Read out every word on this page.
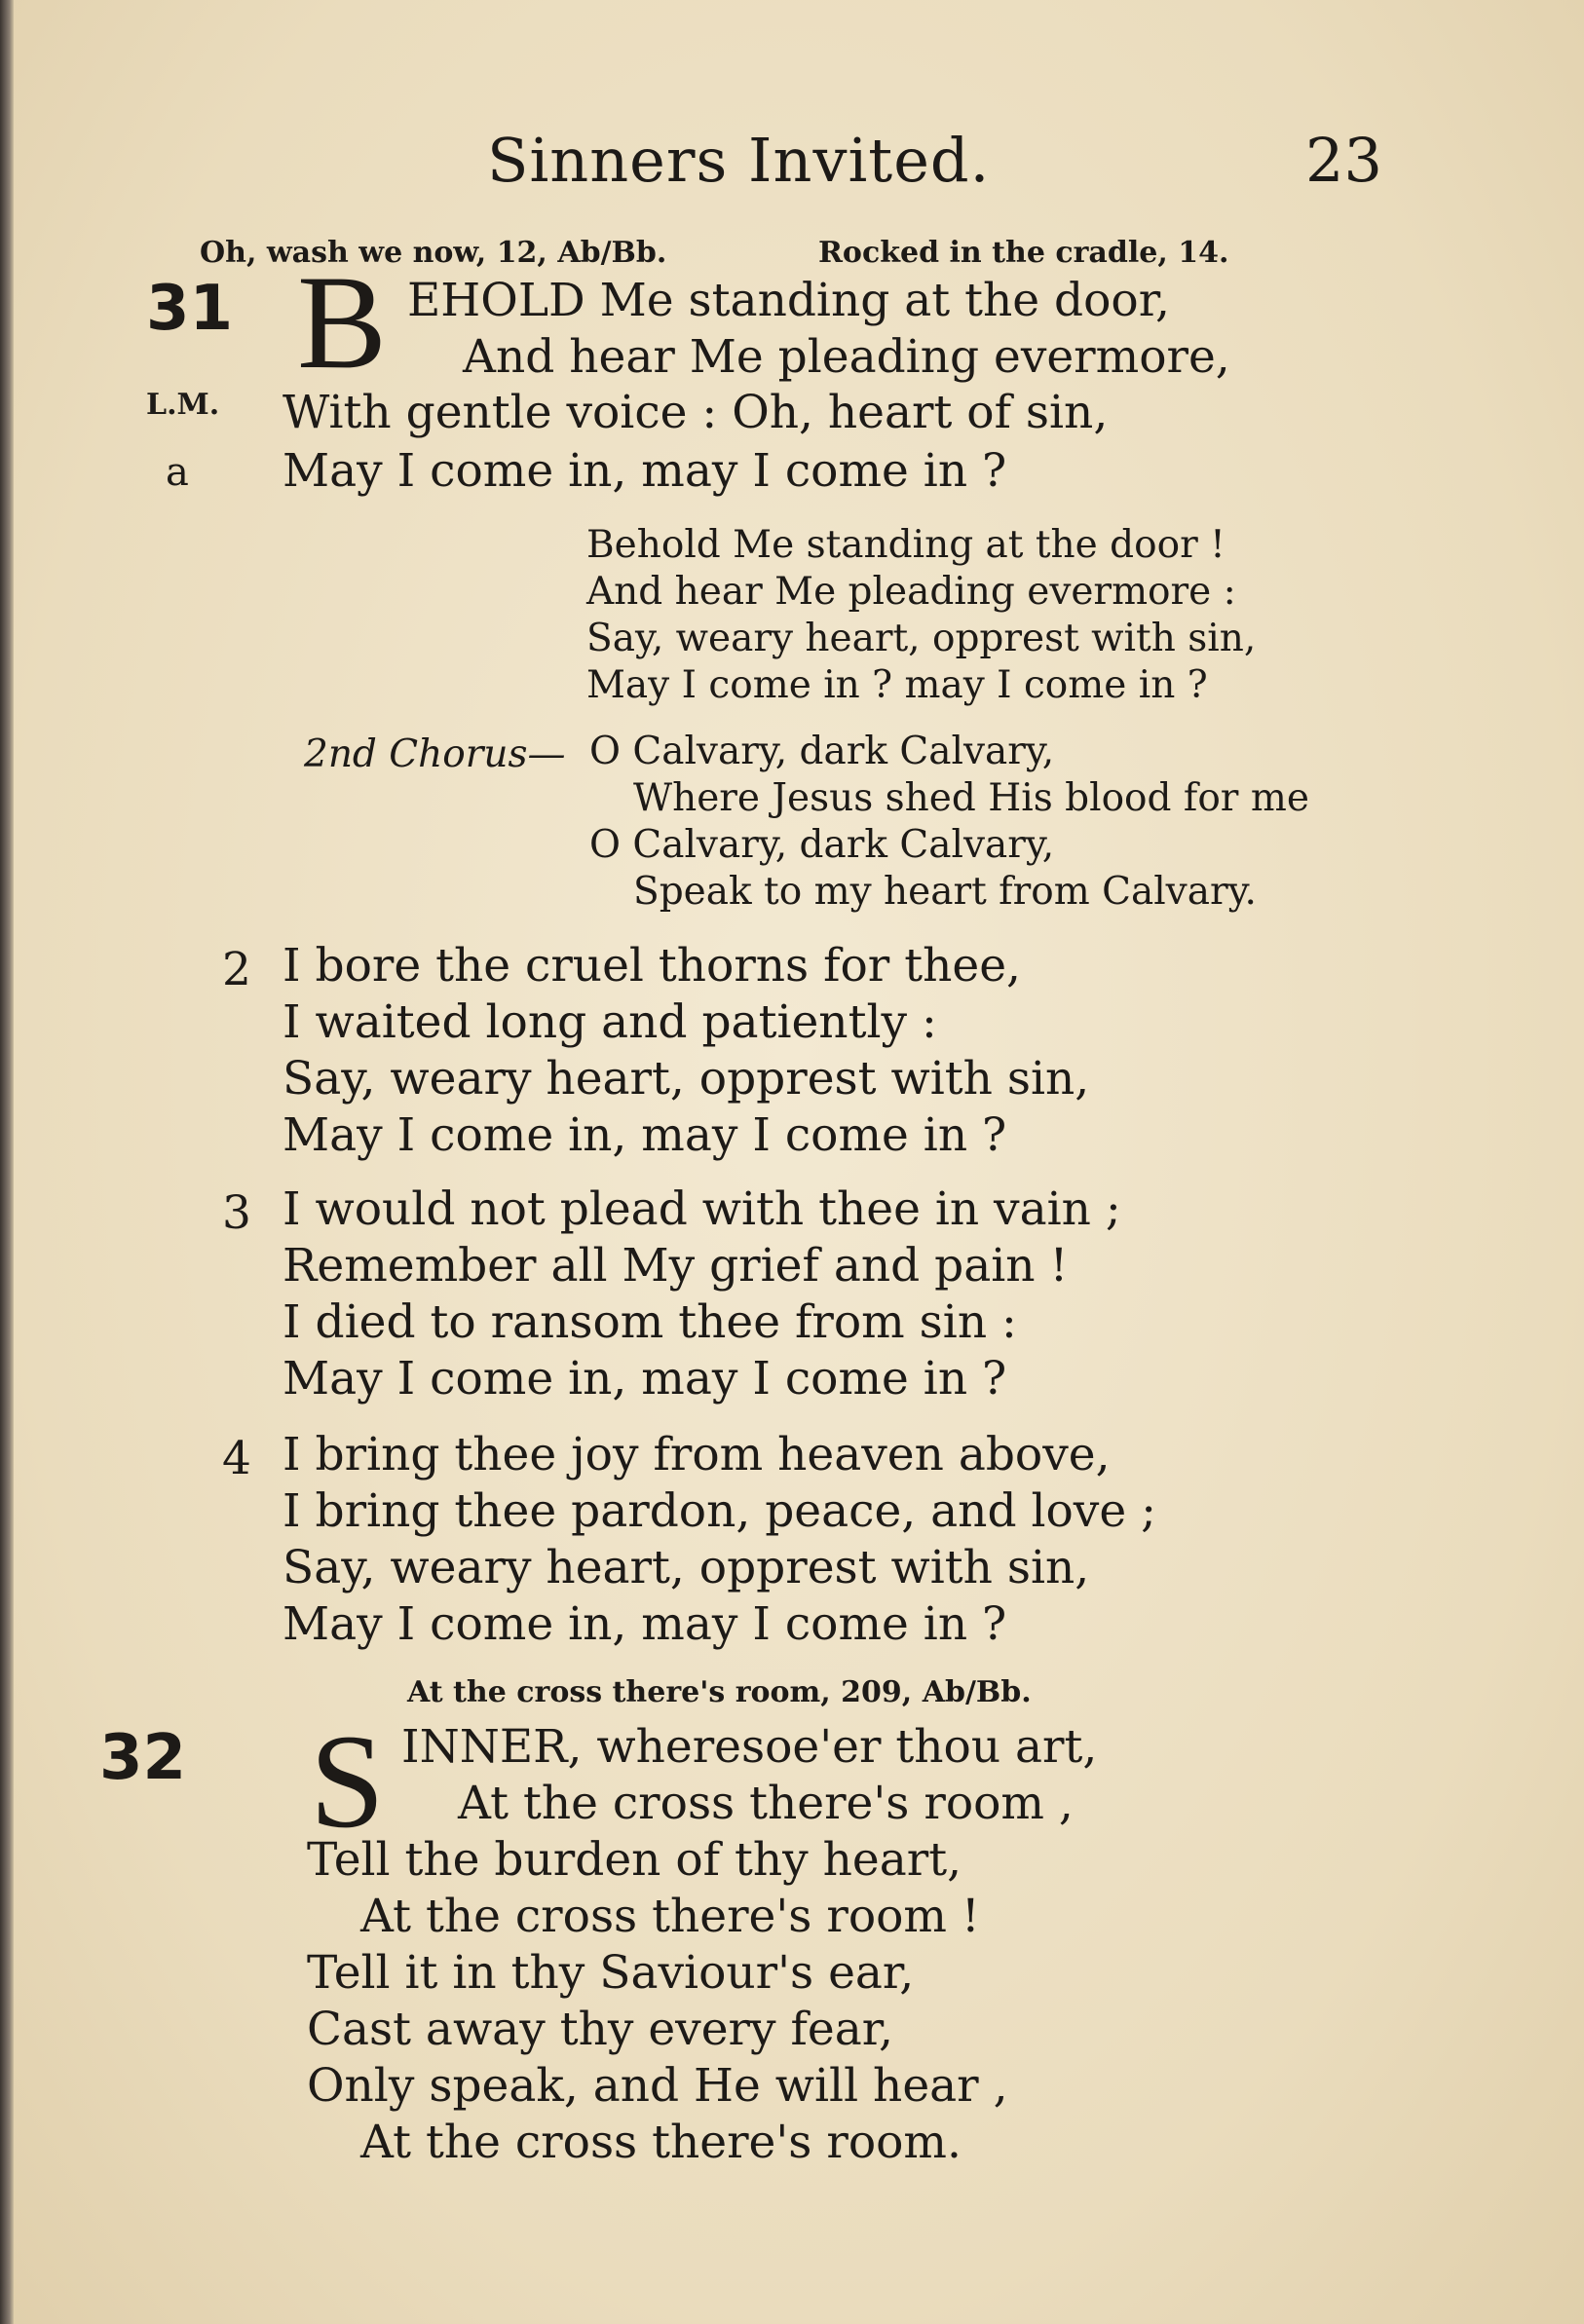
Sinners Invited.	23
Oh, wash we now, 12, Ab/Bb.	Rocked in the cradle, 14.
31
L.M.
a
B EHOLD Me standing at the door,
And hear Me pleading evermore,
With gentle voice : Oh, heart of sin,
May I come in, may I come in ?
Behold Me standing at the door !
And hear Me pleading evermore :
Say, weary heart, opprest with sin,
May I come in ? may I come in ?
2nd Chorus— O Calvary, dark Calvary,
Where Jesus shed His blood for me
O Calvary, dark Calvary,
Speak to my heart from Calvary.
2 I bore the cruel thorns for thee,
I waited long and patiently :
Say, weary heart, opprest with sin,
May I come in, may I come in ?
3 I would not plead with thee in vain ;
Remember all My grief and pain !
I died to ransom thee from sin :
May I come in, may I come in ?
4 I bring thee joy from heaven above,
I bring thee pardon, peace, and love ;
Say, weary heart, opprest with sin,
May I come in, may I come in ?
At the cross there's room, 209, Ab/Bb.
32 S INNER, wheresoe'er thou art,
At the cross there's room ,
Tell the burden of thy heart,
At the cross there's room !
Tell it in thy Saviour's ear,
Cast away thy every fear,
Only speak, and He will hear ,
At the cross there's room.
